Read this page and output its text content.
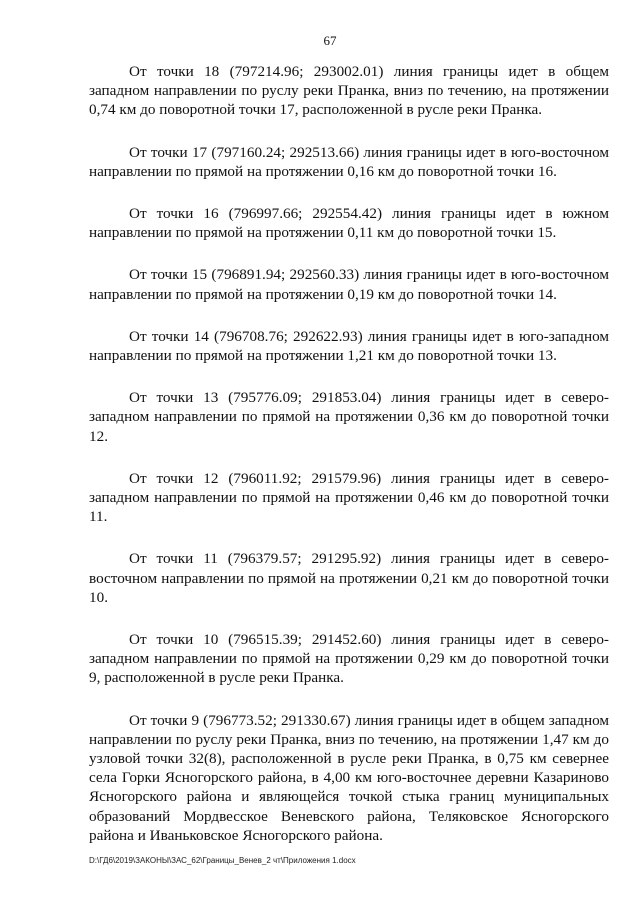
67

От точки 18 (797214.96; 293002.01) линия границы идет в общем западном направлении по руслу реки Пранка, вниз по течению, на протяжении 0,74 км до поворотной точки 17, расположенной в русле реки Пранка.

От точки 17 (797160.24; 292513.66) линия границы идет в юго-восточном направлении по прямой на протяжении 0,16 км до поворотной точки 16.

От точки 16 (796997.66; 292554.42) линия границы идет в южном направлении по прямой на протяжении 0,11 км до поворотной точки 15.

От точки 15 (796891.94; 292560.33) линия границы идет в юго-восточном направлении по прямой на протяжении 0,19 км до поворотной точки 14.

От точки 14 (796708.76; 292622.93) линия границы идет в юго-западном направлении по прямой на протяжении 1,21 км до поворотной точки 13.

От точки 13 (795776.09; 291853.04) линия границы идет в северо-западном направлении по прямой на протяжении 0,36 км до поворотной точки 12.

От точки 12 (796011.92; 291579.96) линия границы идет в северо-западном направлении по прямой на протяжении 0,46 км до поворотной точки 11.

От точки 11 (796379.57; 291295.92) линия границы идет в северо-восточном направлении по прямой на протяжении 0,21 км до поворотной точки 10.

От точки 10 (796515.39; 291452.60) линия границы идет в северо-западном направлении по прямой на протяжении 0,29 км до поворотной точки 9, расположенной в русле реки Пранка.

От точки 9 (796773.52; 291330.67) линия границы идет в общем западном направлении по руслу реки Пранка, вниз по течению, на протяжении 1,47 км до узловой точки 32(8), расположенной в русле реки Пранка, в 0,75 км севернее села Горки Ясногорского района, в 4,00 км юго-восточнее деревни Казариново Ясногорского района и являющейся точкой стыка границ муниципальных образований Мордвесское Веневского района, Теляковское Ясногорского района и Иваньковское Ясногорского района.

D:\ГД6\2019\ЗАКОНЫ\ЗАС_62\Границы_Венев_2 чт\Приложения 1.docx
